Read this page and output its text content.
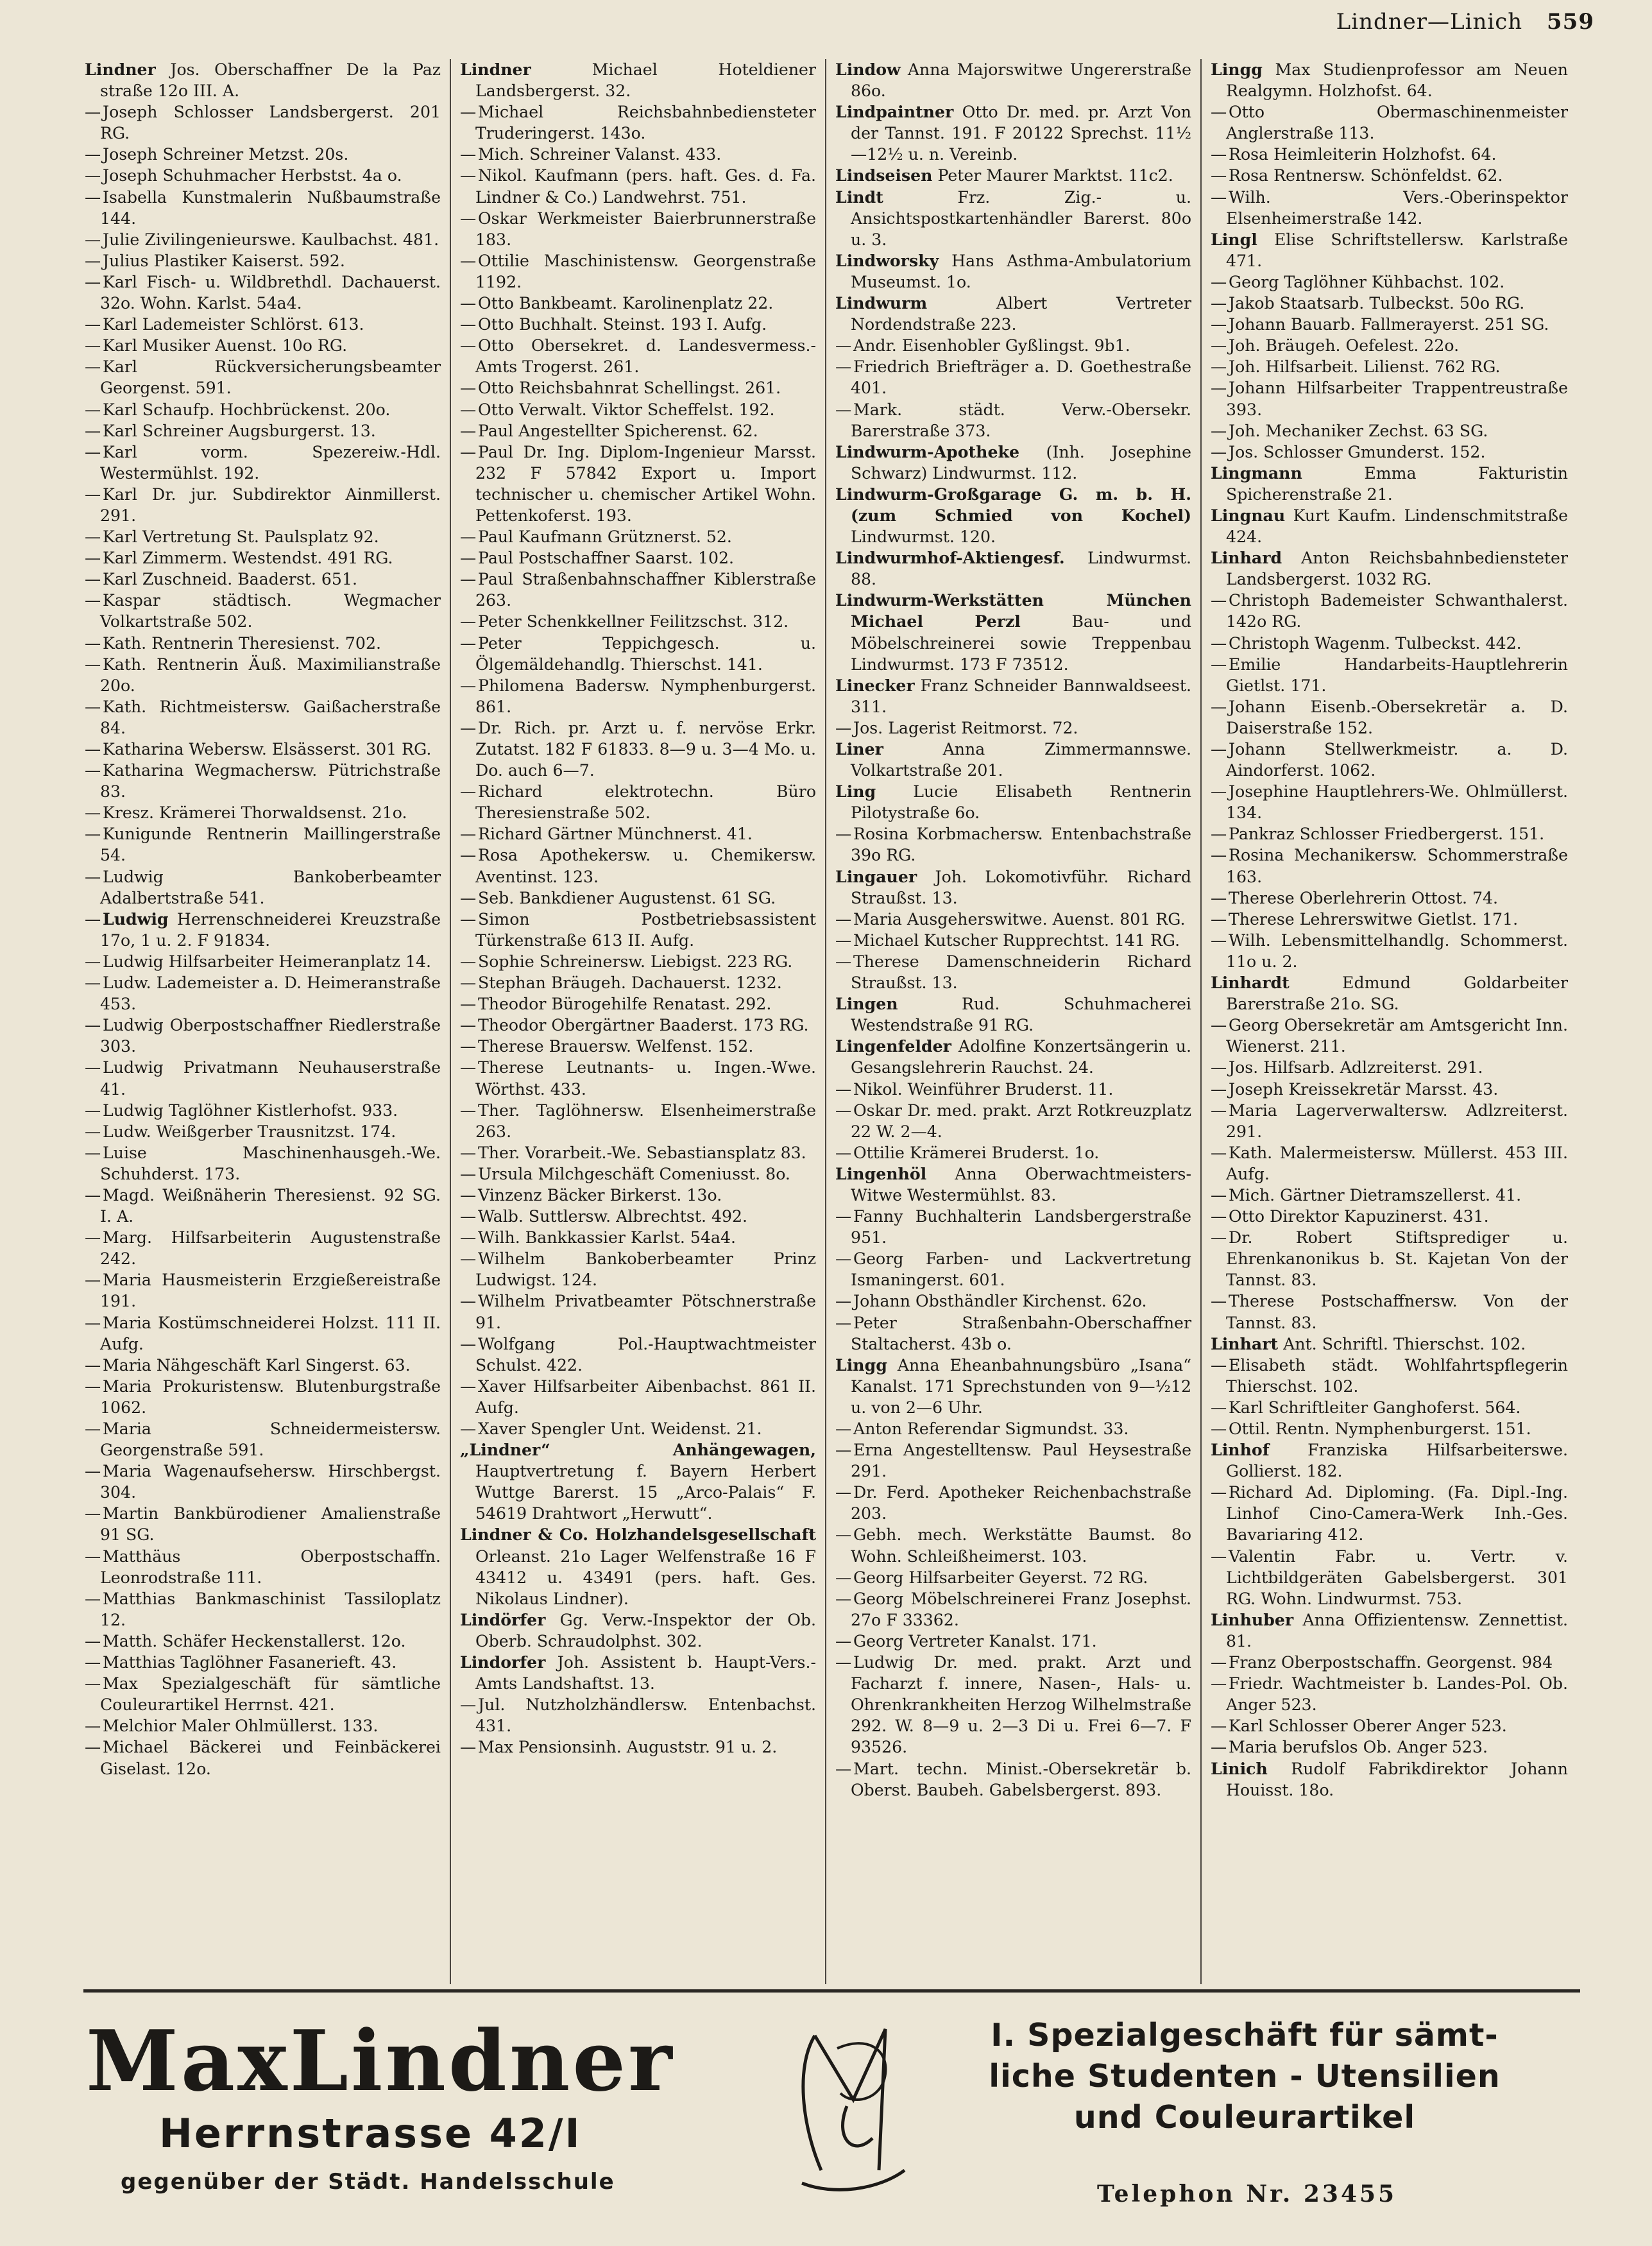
Lindner—Linich 559

Lindner Jos. Oberschaffner De la Paz straße 12o III. A.

— Joseph Schlosser Landsbergerst. 201 RG.

— Joseph Schreiner Metzst. 20s.

— Joseph Schuhmacher Herbstst. 4a o.

— Isabella Kunstmalerin Nußbaumstraße 144.

— Julie Zivilingenieurswe. Kaulbachst. 481.

— Julius Plastiker Kaiserst. 592.

— Karl Fisch- u. Wildbrethdl. Dachauerst. 32o. Wohn. Karlst. 54a4.

— Karl Lademeister Schlörst. 613.

— Karl Musiker Auenst. 10o RG.

— Karl Rückversicherungsbeamter Georgenst. 591.

— Karl Schaufp. Hochbrückenst. 20o.

— Karl Schreiner Augsburgerst. 13.

— Karl vorm. Spezereiw.-Hdl. Westermühlst. 192.

— Karl Dr. jur. Subdirektor Ainmillerst. 291.

— Karl Vertretung St. Paulsplatz 92.

— Karl Zimmerm. Westendst. 491 RG.

— Karl Zuschneid. Baaderst. 651.

— Kaspar städtisch. Wegmacher Volkartstraße 502.

— Kath. Rentnerin Theresienst. 702.

— Kath. Rentnerin Äuß. Maximilianstraße 20o.

— Kath. Richtmeistersw. Gaißacherstraße 84.

— Katharina Webersw. Elsässerst. 301 RG.

— Katharina Wegmachersw. Pütrichstraße 83.

— Kresz. Krämerei Thorwaldsenst. 21o.

— Kunigunde Rentnerin Maillingerstraße 54.

— Ludwig Bankoberbeamter Adalbertstraße 541.

— Ludwig Herrenschneiderei Kreuzstraße 17o, 1 u. 2. F 91834.

— Ludwig Hilfsarbeiter Heimeranplatz 14.

— Ludw. Lademeister a. D. Heimeranstraße 453.

— Ludwig Oberpostschaffner Riedlerstraße 303.

— Ludwig Privatmann Neuhauserstraße 41.

— Ludwig Taglöhner Kistlerhofst. 933.

— Ludw. Weißgerber Trausnitzst. 174.

— Luise Maschinenhausgeh.-We. Schuhderst. 173.

— Magd. Weißnäherin Theresienst. 92 SG. I. A.

— Marg. Hilfsarbeiterin Augustenstraße 242.

— Maria Hausmeisterin Erzgießereistraße 191.

— Maria Kostümschneiderei Holzst. 111 II. Aufg.

— Maria Nähgeschäft Karl Singerst. 63.

— Maria Prokuristensw. Blutenburgstraße 1062.

— Maria Schneidermeistersw. Georgenstraße 591.

— Maria Wagenaufsehersw. Hirschbergst. 304.

— Martin Bankbürodiener Amalienstraße 91 SG.

— Matthäus Oberpostschaffn. Leonrodstraße 111.

— Matthias Bankmaschinist Tassiloplatz 12.

— Matth. Schäfer Heckenstallerst. 12o.

— Matthias Taglöhner Fasanerieft. 43.

— Max Spezialgeschäft für sämtliche Couleurartikel Herrnst. 421.

— Melchior Maler Ohlmüllerst. 133.

— Michael Bäckerei und Feinbäckerei Giselast. 12o.

Lindner Michael Hoteldiener Landsbergerst. 32.

— Michael Reichsbahnbediensteter Truderingerst. 143o.

— Mich. Schreiner Valanst. 433.

— Nikol. Kaufmann (pers. haft. Ges. d. Fa. Lindner & Co.) Landwehrst. 751.

— Oskar Werkmeister Baierbrunnerstraße 183.

— Ottilie Maschinistensw. Georgenstraße 1192.

— Otto Bankbeamt. Karolinenplatz 22.

— Otto Buchhalt. Steinst. 193 I. Aufg.

— Otto Obersekret. d. Landesvermess.-Amts Trogerst. 261.

— Otto Reichsbahnrat Schellingst. 261.

— Otto Verwalt. Viktor Scheffelst. 192.

— Paul Angestellter Spicherenst. 62.

— Paul Dr. Ing. Diplom-Ingenieur Marsst. 232 F 57842 Export u. Import technischer u. chemischer Artikel Wohn. Pettenkoferst. 193.

— Paul Kaufmann Grütznerst. 52.

— Paul Postschaffner Saarst. 102.

— Paul Straßenbahnschaffner Kiblerstraße 263.

— Peter Schenkkellner Feilitzschst. 312.

— Peter Teppichgesch. u. Ölgemäldehandlg. Thierschst. 141.

— Philomena Badersw. Nymphenburgerst. 861.

— Dr. Rich. pr. Arzt u. f. nervöse Erkr. Zutatst. 182 F 61833. 8—9 u. 3—4 Mo. u. Do. auch 6—7.

— Richard elektrotechn. Büro Theresienstraße 502.

— Richard Gärtner Münchnerst. 41.

— Rosa Apothekersw. u. Chemikersw. Aventinst. 123.

— Seb. Bankdiener Augustenst. 61 SG.

— Simon Postbetriebsassistent Türkenstraße 613 II. Aufg.

— Sophie Schreinersw. Liebigst. 223 RG.

— Stephan Bräugeh. Dachauerst. 1232.

— Theodor Bürogehilfe Renatast. 292.

— Theodor Obergärtner Baaderst. 173 RG.

— Therese Brauersw. Welfenst. 152.

— Therese Leutnants- u. Ingen.-Wwe. Wörthst. 433.

— Ther. Taglöhnersw. Elsenheimerstraße 263.

— Ther. Vorarbeit.-We. Sebastiansplatz 83.

— Ursula Milchgeschäft Comeniusst. 8o.

— Vinzenz Bäcker Birkerst. 13o.

— Walb. Suttlersw. Albrechtst. 492.

— Wilh. Bankkassier Karlst. 54a4.

— Wilhelm Bankoberbeamter Prinz Ludwigst. 124.

— Wilhelm Privatbeamter Pötschnerstraße 91.

— Wolfgang Pol.-Hauptwachtmeister Schulst. 422.

— Xaver Hilfsarbeiter Aibenbachst. 861 II. Aufg.

— Xaver Spengler Unt. Weidenst. 21.

„Lindner“ Anhängewagen, Hauptvertretung f. Bayern Herbert Wuttge Barerst. 15 „Arco-Palais“ F. 54619 Drahtwort „Herwutt“.

Lindner & Co. Holzhandelsgesellschaft Orleanst. 21o Lager Welfenstraße 16 F 43412 u. 43491 (pers. haft. Ges. Nikolaus Lindner).

Lindörfer Gg. Verw.-Inspektor der Ob. Oberb. Schraudolphst. 302.

Lindorfer Joh. Assistent b. Haupt-Vers.-Amts Landshaftst. 13.

— Jul. Nutzholzhändlersw. Entenbachst. 431.

— Max Pensionsinh. Auguststr. 91 u. 2.

Lindow Anna Majorswitwe Ungererstraße 86o.

Lindpaintner Otto Dr. med. pr. Arzt Von der Tannst. 191. F 20122 Sprechst. 11½—12½ u. n. Vereinb.

Lindseisen Peter Maurer Marktst. 11c2.

Lindt Frz. Zig.- u. Ansichtspostkartenhändler Barerst. 80o u. 3.

Lindworsky Hans Asthma-Ambulatorium Museumst. 1o.

Lindwurm Albert Vertreter Nordendstraße 223.

— Andr. Eisenhobler Gyßlingst. 9b1.

— Friedrich Briefträger a. D. Goethestraße 401.

— Mark. städt. Verw.-Obersekr. Barerstraße 373.

Lindwurm-Apotheke (Inh. Josephine Schwarz) Lindwurmst. 112.

Lindwurm-Großgarage G. m. b. H. (zum Schmied von Kochel) Lindwurmst. 120.

Lindwurmhof-Aktiengesf. Lindwurmst. 88.

Lindwurm-Werkstätten München Michael Perzl Bau- und Möbelschreinerei sowie Treppenbau Lindwurmst. 173 F 73512.

Linecker Franz Schneider Bannwaldseest. 311.

— Jos. Lagerist Reitmorst. 72.

Liner Anna Zimmermannswe. Volkartstraße 201.

Ling Lucie Elisabeth Rentnerin Pilotystraße 6o.

— Rosina Korbmachersw. Entenbachstraße 39o RG.

Lingauer Joh. Lokomotivführ. Richard Straußst. 13.

— Maria Ausgeherswitwe. Auenst. 801 RG.

— Michael Kutscher Rupprechtst. 141 RG.

— Therese Damenschneiderin Richard Straußst. 13.

Lingen Rud. Schuhmacherei Westendstraße 91 RG.

Lingenfelder Adolfine Konzertsängerin u. Gesangslehrerin Rauchst. 24.

— Nikol. Weinführer Bruderst. 11.

— Oskar Dr. med. prakt. Arzt Rotkreuzplatz 22 W. 2—4.

— Ottilie Krämerei Bruderst. 1o.

Lingenhöl Anna Oberwachtmeisters-Witwe Westermühlst. 83.

— Fanny Buchhalterin Landsbergerstraße 951.

— Georg Farben- und Lackvertretung Ismaningerst. 601.

— Johann Obsthändler Kirchenst. 62o.

— Peter Straßenbahn-Oberschaffner Staltacherst. 43b o.

Lingg Anna Eheanbahnungsbüro „Isana“ Kanalst. 171 Sprechstunden von 9—½12 u. von 2—6 Uhr.

— Anton Referendar Sigmundst. 33.

— Erna Angestelltensw. Paul Heysestraße 291.

— Dr. Ferd. Apotheker Reichenbachstraße 203.

— Gebh. mech. Werkstätte Baumst. 8o Wohn. Schleißheimerst. 103.

— Georg Hilfsarbeiter Geyerst. 72 RG.

— Georg Möbelschreinerei Franz Josephst. 27o F 33362.

— Georg Vertreter Kanalst. 171.

— Ludwig Dr. med. prakt. Arzt und Facharzt f. innere, Nasen-, Hals- u. Ohrenkrankheiten Herzog Wilhelmstraße 292. W. 8—9 u. 2—3 Di u. Frei 6—7. F 93526.

— Mart. techn. Minist.-Obersekretär b. Oberst. Baubeh. Gabelsbergerst. 893.

Lingg Max Studienprofessor am Neuen Realgymn. Holzhofst. 64.

— Otto Obermaschinenmeister Anglerstraße 113.

— Rosa Heimleiterin Holzhofst. 64.

— Rosa Rentnersw. Schönfeldst. 62.

— Wilh. Vers.-Oberinspektor Elsenheimerstraße 142.

Lingl Elise Schriftstellersw. Karlstraße 471.

— Georg Taglöhner Kühbachst. 102.

— Jakob Staatsarb. Tulbeckst. 50o RG.

— Johann Bauarb. Fallmerayerst. 251 SG.

— Joh. Bräugeh. Oefelest. 22o.

— Joh. Hilfsarbeit. Lilienst. 762 RG.

— Johann Hilfsarbeiter Trappentreustraße 393.

— Joh. Mechaniker Zechst. 63 SG.

— Jos. Schlosser Gmunderst. 152.

Lingmann Emma Fakturistin Spicherenstraße 21.

Lingnau Kurt Kaufm. Lindenschmitstraße 424.

Linhard Anton Reichsbahnbediensteter Landsbergerst. 1032 RG.

— Christoph Bademeister Schwanthalerst. 142o RG.

— Christoph Wagenm. Tulbeckst. 442.

— Emilie Handarbeits-Hauptlehrerin Gietlst. 171.

— Johann Eisenb.-Obersekretär a. D. Daiserstraße 152.

— Johann Stellwerkmeistr. a. D. Aindorferst. 1062.

— Josephine Hauptlehrers-We. Ohlmüllerst. 134.

— Pankraz Schlosser Friedbergerst. 151.

— Rosina Mechanikersw. Schommerstraße 163.

— Therese Oberlehrerin Ottost. 74.

— Therese Lehrerswitwe Gietlst. 171.

— Wilh. Lebensmittelhandlg. Schommerst. 11o u. 2.

Linhardt Edmund Goldarbeiter Barerstraße 21o. SG.

— Georg Obersekretär am Amtsgericht Inn. Wienerst. 211.

— Jos. Hilfsarb. Adlzreiterst. 291.

— Joseph Kreissekretär Marsst. 43.

— Maria Lagerverwaltersw. Adlzreiterst. 291.

— Kath. Malermeistersw. Müllerst. 453 III. Aufg.

— Mich. Gärtner Dietramszellerst. 41.

— Otto Direktor Kapuzinerst. 431.

— Dr. Robert Stiftsprediger u. Ehrenkanonikus b. St. Kajetan Von der Tannst. 83.

— Therese Postschaffnersw. Von der Tannst. 83.

Linhart Ant. Schriftl. Thierschst. 102.

— Elisabeth städt. Wohlfahrtspflegerin Thierschst. 102.

— Karl Schriftleiter Ganghoferst. 564.

— Ottil. Rentn. Nymphenburgerst. 151.

Linhof Franziska Hilfsarbeiterswe. Gollierst. 182.

— Richard Ad. Diploming. (Fa. Dipl.-Ing. Linhof Cino-Camera-Werk Inh.-Ges. Bavariaring 412.

— Valentin Fabr. u. Vertr. v. Lichtbildgeräten Gabelsbergerst. 301 RG. Wohn. Lindwurmst. 753.

Linhuber Anna Offizientensw. Zennettist. 81.

— Franz Oberpostschaffn. Georgenst. 984

— Friedr. Wachtmeister b. Landes-Pol. Ob. Anger 523.

— Karl Schlosser Oberer Anger 523.

— Maria berufslos Ob. Anger 523.

Linich Rudolf Fabrikdirektor Johann Houisst. 18o.

MaxLindner
Herrnstrasse 42/I
gegenüber der Städt. Handelsschule
I. Spezialgeschäft für sämt-
liche Studenten - Utensilien
und Couleurartikel
Telephon Nr. 23455
